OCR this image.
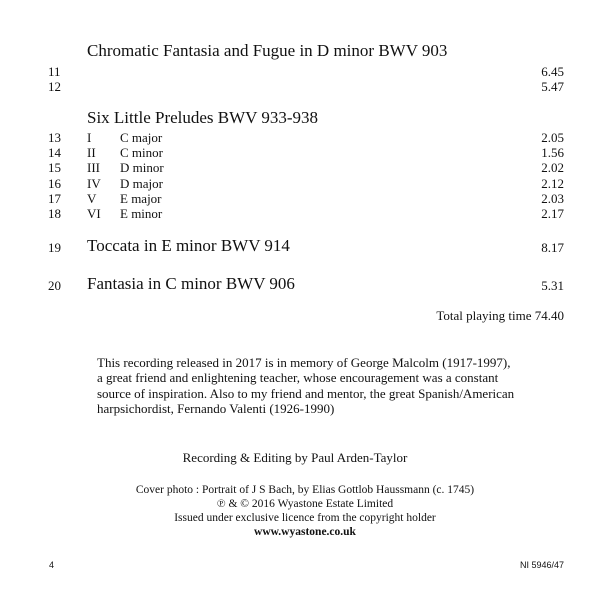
Chromatic Fantasia and Fugue in D minor BWV 903
11	6.45
12	5.47
Six Little Preludes BWV 933-938
13 I C major	2.05
14 II C minor	1.56
15 III D minor	2.02
16 IV D major	2.12
17 V E major	2.03
18 VI E minor	2.17
19 Toccata in E minor BWV 914	8.17
20 Fantasia in C minor BWV 906	5.31
Total playing time 74.40
This recording released in 2017 is in memory of George Malcolm (1917-1997),
a great friend and enlightening teacher, whose encouragement was a constant
source of inspiration. Also to my friend and mentor, the great Spanish/American
harpsichordist, Fernando Valenti (1926-1990)
Recording & Editing by Paul Arden-Taylor
Cover photo : Portrait of J S Bach, by Elias Gottlob Haussmann (c. 1745)
℗ & © 2016 Wyastone Estate Limited
Issued under exclusive licence from the copyright holder
www.wyastone.co.uk
4	NI 5946/47
